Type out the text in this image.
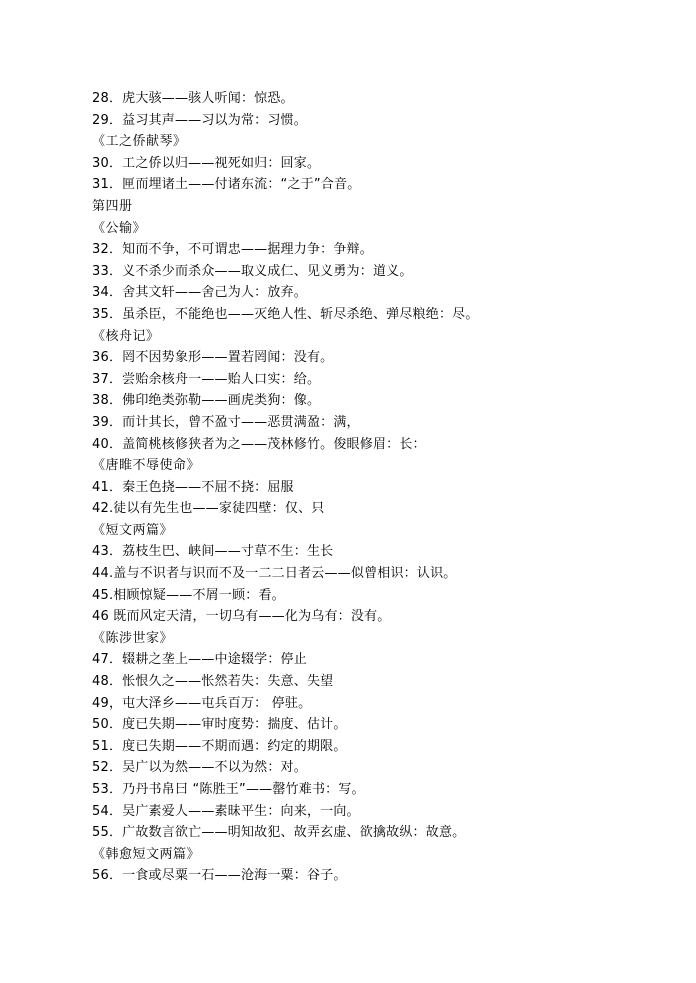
28．虎大骇——骇人听闻：惊恐。
29．益习其声——习以为常：习惯。
《工之侨献琴》
30．工之侨以归——视死如归：回家。
31．匣而埋诸土——付诸东流：“之于”合音。
第四册
《公输》
32．知而不争，不可谓忠——据理力争：争辩。
33．义不杀少而杀众——取义成仁、见义勇为：道义。
34．舍其文轩——舍己为人：放弃。
35．虽杀臣，不能绝也——灭绝人性、斩尽杀绝、弹尽粮绝：尽。
《核舟记》
36．罔不因势象形——置若罔闻：没有。
37．尝贻余核舟一——贻人口实：给。
38．佛印绝类弥勒——画虎类狗：像。
39．而计其长，曾不盈寸——恶贯满盈：满，
40．盖简桃核修狭者为之——茂林修竹。俊眼修眉：长：
《唐睢不辱使命》
41．秦王色挠——不屈不挠：屈服
42.徒以有先生也——家徒四壁：仅、只
《短文两篇》
43．荔枝生巴、峡间——寸草不生：生长
44.盖与不识者与识而不及一二二日者云——似曾相识：认识。
45.相顾惊疑——不屑一顾：看。
46 既而风定天清，一切乌有——化为乌有：没有。
《陈涉世家》
47．辍耕之垄上——中途辍学：停止
48．怅恨久之——怅然若失：失意、失望
49，屯大泽乡——屯兵百万： 停驻。
50．度已失期——审时度势：揣度、估计。
51．度已失期——不期而遇：约定的期限。
52．吴广以为然——不以为然：对。
53．乃丹书帛曰 “陈胜王”——罄竹难书：写。
54．吴广素爱人——素昧平生：向来，一向。
55．广故数言欲亡——明知故犯、故弄玄虚、欲擒故纵：故意。
《韩愈短文两篇》
56．一食或尽粟一石——沧海一粟：谷子。
